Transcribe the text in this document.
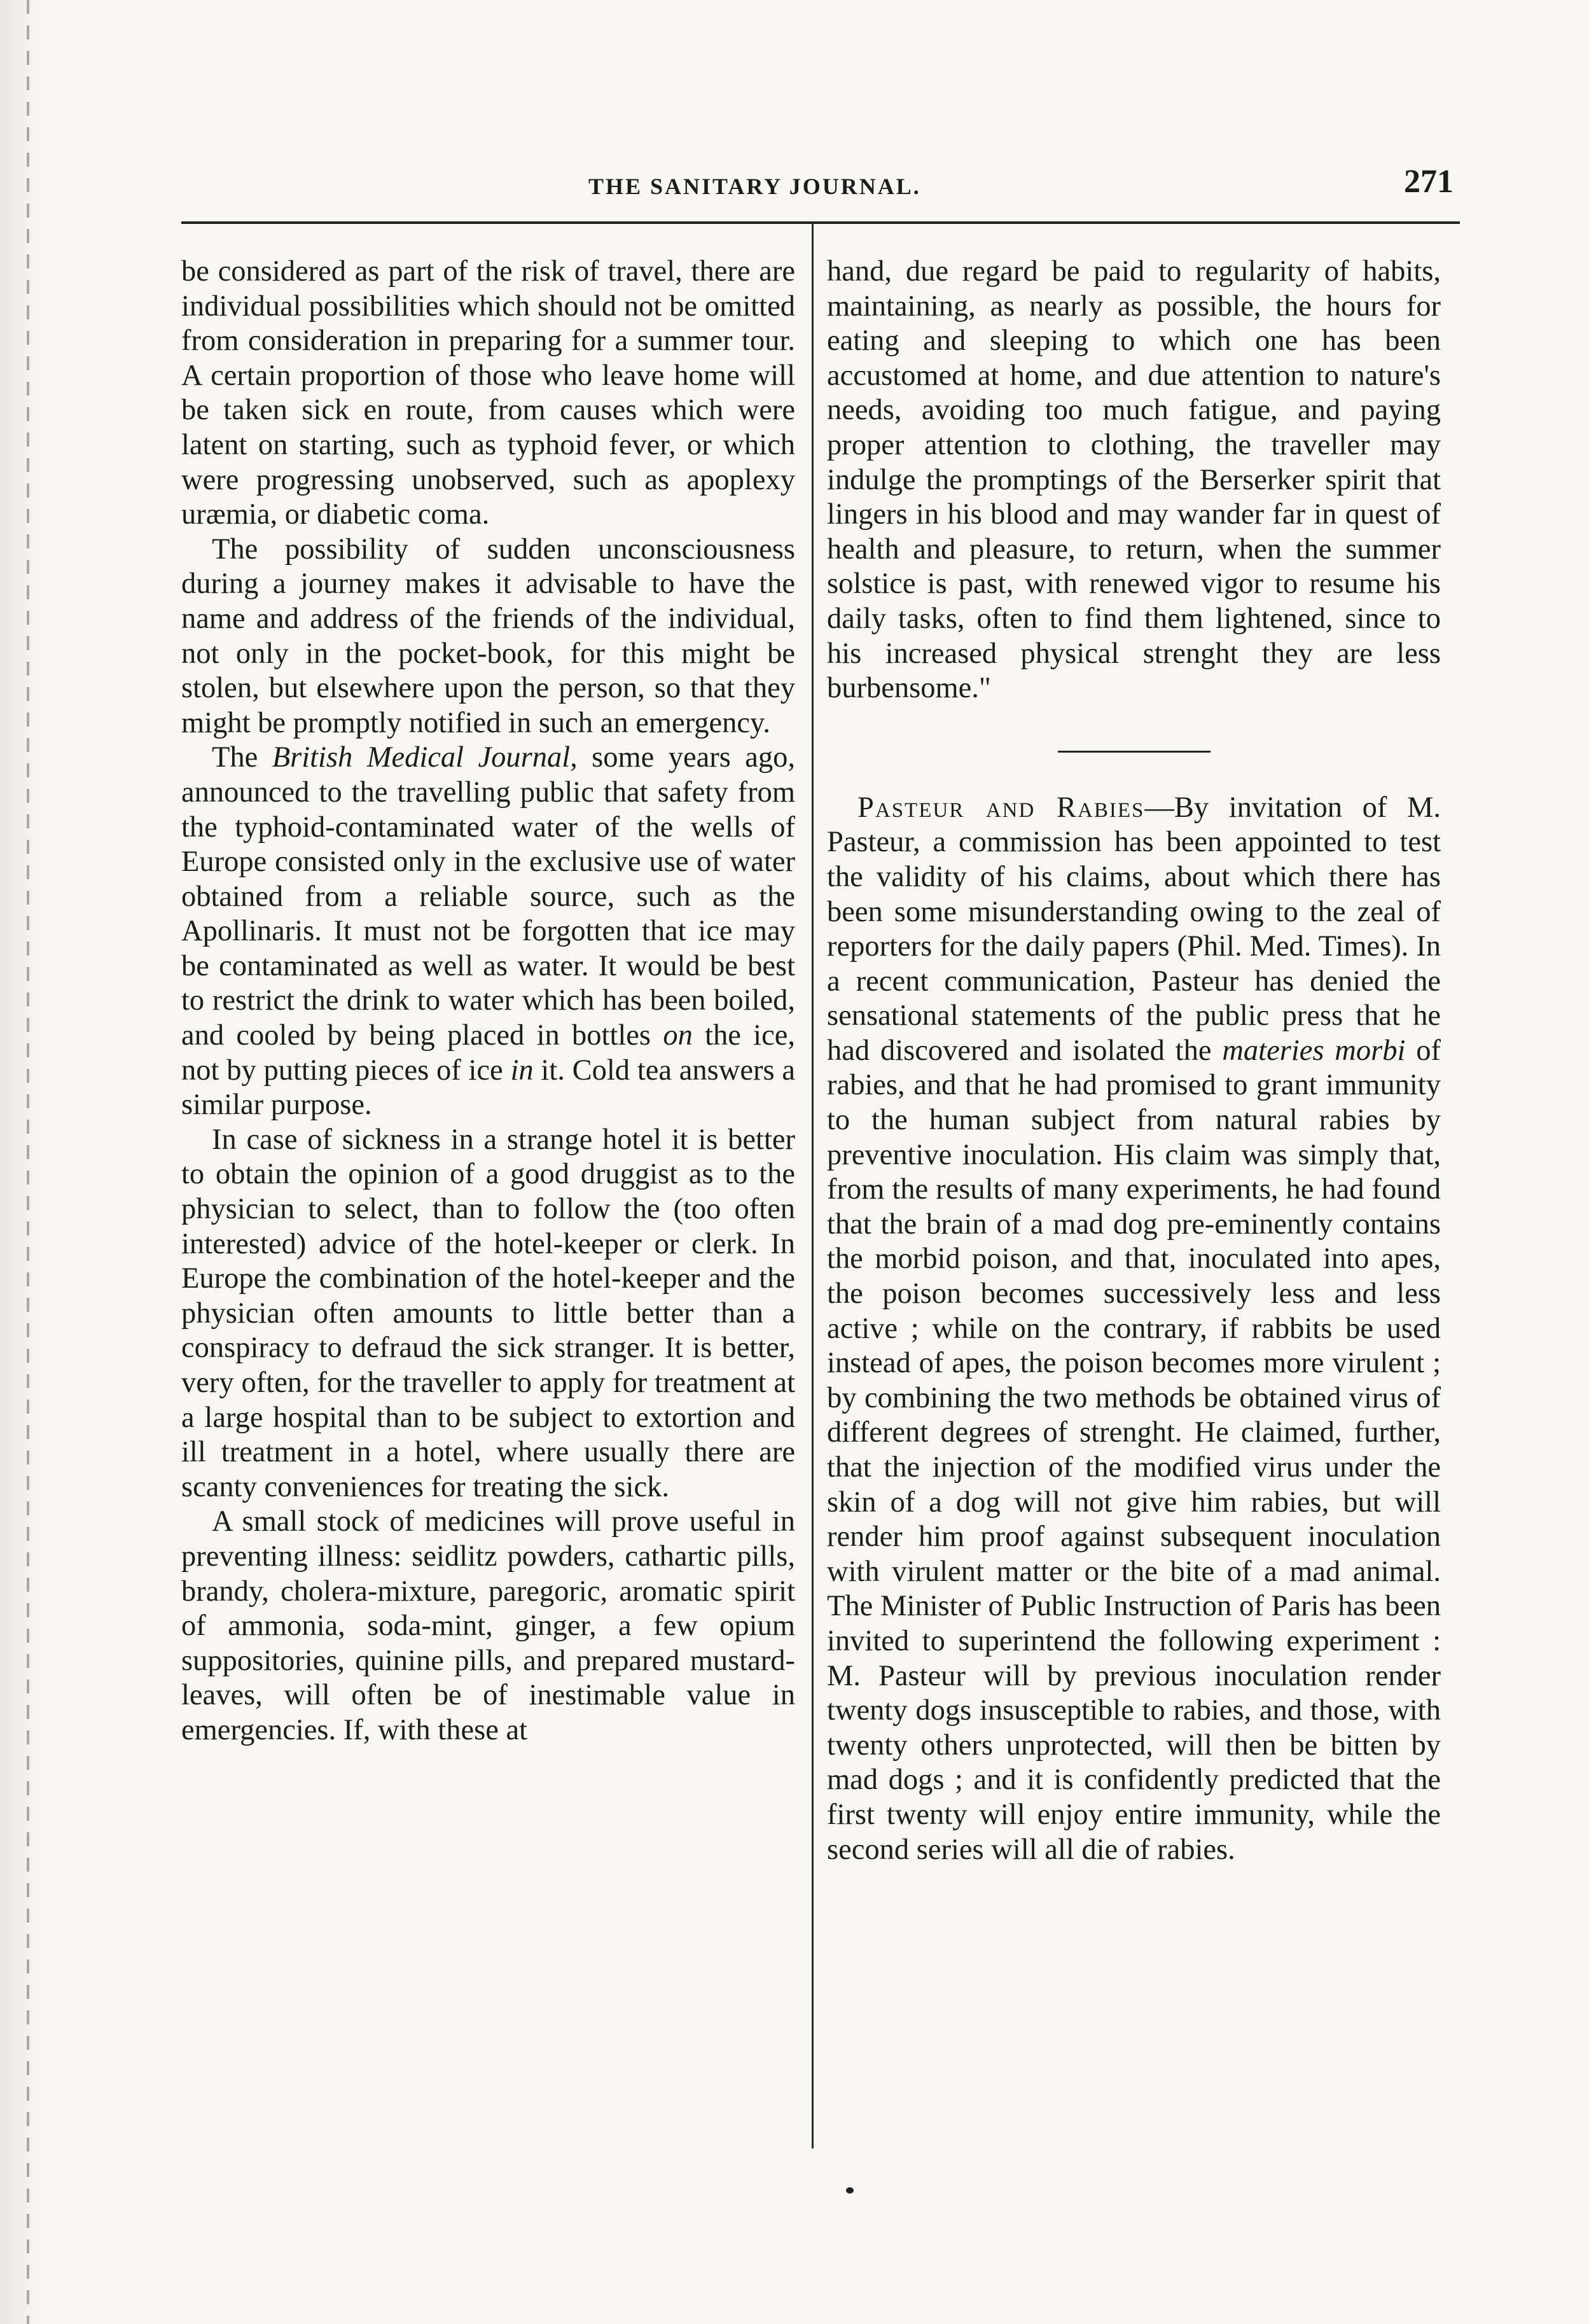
THE SANITARY JOURNAL.	271

be considered as part of the risk of travel, there are individual possibilities which should not be omitted from consideration in preparing for a summer tour. A certain proportion of those who leave home will be taken sick en route, from causes which were latent on starting, such as typhoid fever, or which were progressing unobserved, such as apoplexy uræmia, or diabetic coma.

The possibility of sudden unconsciousness during a journey makes it advisable to have the name and address of the friends of the individual, not only in the pocket-book, for this might be stolen, but elsewhere upon the person, so that they might be promptly notified in such an emergency.

The British Medical Journal, some years ago, announced to the travelling public that safety from the typhoid-contaminated water of the wells of Europe consisted only in the exclusive use of water obtained from a reliable source, such as the Apollinaris. It must not be forgotten that ice may be contaminated as well as water. It would be best to restrict the drink to water which has been boiled, and cooled by being placed in bottles on the ice, not by putting pieces of ice in it. Cold tea answers a similar purpose.

In case of sickness in a strange hotel it is better to obtain the opinion of a good druggist as to the physician to select, than to follow the (too often interested) advice of the hotel-keeper or clerk. In Europe the combination of the hotel-keeper and the physician often amounts to little better than a conspiracy to defraud the sick stranger. It is better, very often, for the traveller to apply for treatment at a large hospital than to be subject to extortion and ill treatment in a hotel, where usually there are scanty conveniences for treating the sick.

A small stock of medicines will prove useful in preventing illness: seidlitz powders, cathartic pills, brandy, cholera-mixture, paregoric, aromatic spirit of ammonia, soda-mint, ginger, a few opium suppositories, quinine pills, and prepared mustard-leaves, will often be of inestimable value in emergencies. If, with these at

hand, due regard be paid to regularity of habits, maintaining, as nearly as possible, the hours for eating and sleeping to which one has been accustomed at home, and due attention to nature's needs, avoiding too much fatigue, and paying proper attention to clothing, the traveller may indulge the promptings of the Berserker spirit that lingers in his blood and may wander far in quest of health and pleasure, to return, when the summer solstice is past, with renewed vigor to resume his daily tasks, often to find them lightened, since to his increased physical strenght they are less burbensome."

Pasteur and Rabies—By invitation of M. Pasteur, a commission has been appointed to test the validity of his claims, about which there has been some misunderstanding owing to the zeal of reporters for the daily papers (Phil. Med. Times). In a recent communication, Pasteur has denied the sensational statements of the public press that he had discovered and isolated the materies morbi of rabies, and that he had promised to grant immunity to the human subject from natural rabies by preventive inoculation. His claim was simply that, from the results of many experiments, he had found that the brain of a mad dog pre-eminently contains the morbid poison, and that, inoculated into apes, the poison becomes successively less and less active ; while on the contrary, if rabbits be used instead of apes, the poison becomes more virulent ; by combining the two methods be obtained virus of different degrees of strenght. He claimed, further, that the injection of the modified virus under the skin of a dog will not give him rabies, but will render him proof against subsequent inoculation with virulent matter or the bite of a mad animal. The Minister of Public Instruction of Paris has been invited to superintend the following experiment : M. Pasteur will by previous inoculation render twenty dogs insusceptible to rabies, and those, with twenty others unprotected, will then be bitten by mad dogs ; and it is confidently predicted that the first twenty will enjoy entire immunity, while the second series will all die of rabies.
